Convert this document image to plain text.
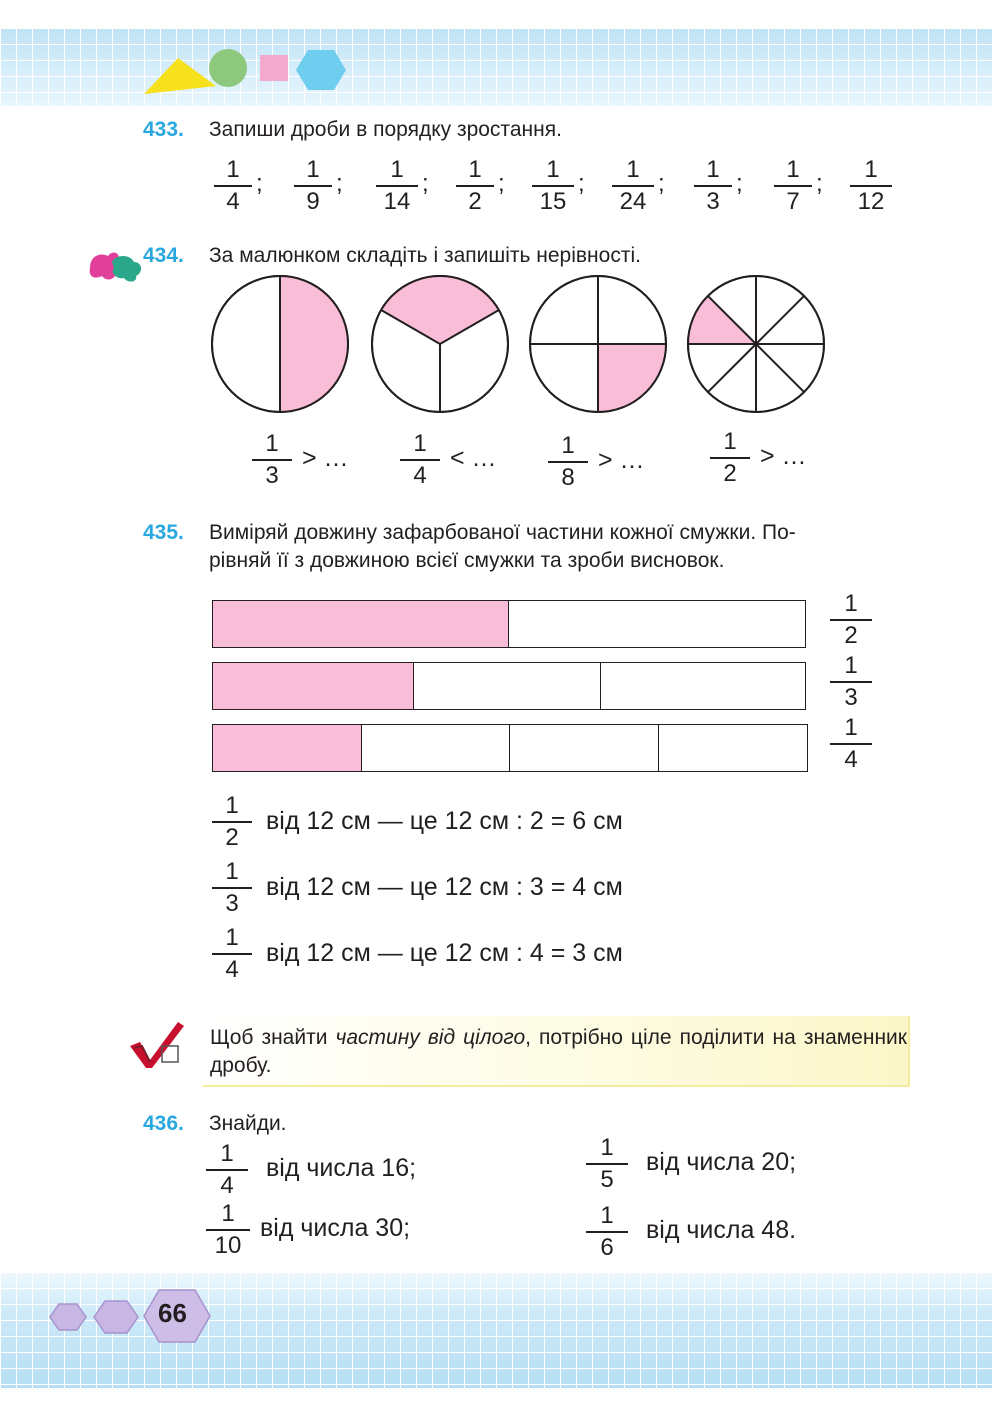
433. Запиши дроби в порядку зростання.
434. За малюнком складіть і запишіть нерівності.
435. Виміряй довжину зафарбованої частини кожної смужки. По-
рівняй її з довжиною всієї смужки та зроби висновок.
Щоб знайти частину від цілого, потрібно ціле поділити на знаменник дробу.
436. Знайди.
66
1
4
;
1
9
;
1
14
;
1
2
;
1
15
;
1
24
;
1
3
;
1
7
;
1
12
1
3
> …
1
4
< …	1
8
> …
1
2
> …
1
2
1
3
1
4
1
2
від 12 см — це 12 см : 2 = 6 см
1
3
від 12 см — це 12 см : 3 = 4 см
1
4
від 12 см — це 12 см : 4 = 3 см
1
4
від числа 16;
1
5
від числа 20;
1
10
від числа 30;	1
6
від числа 48.
